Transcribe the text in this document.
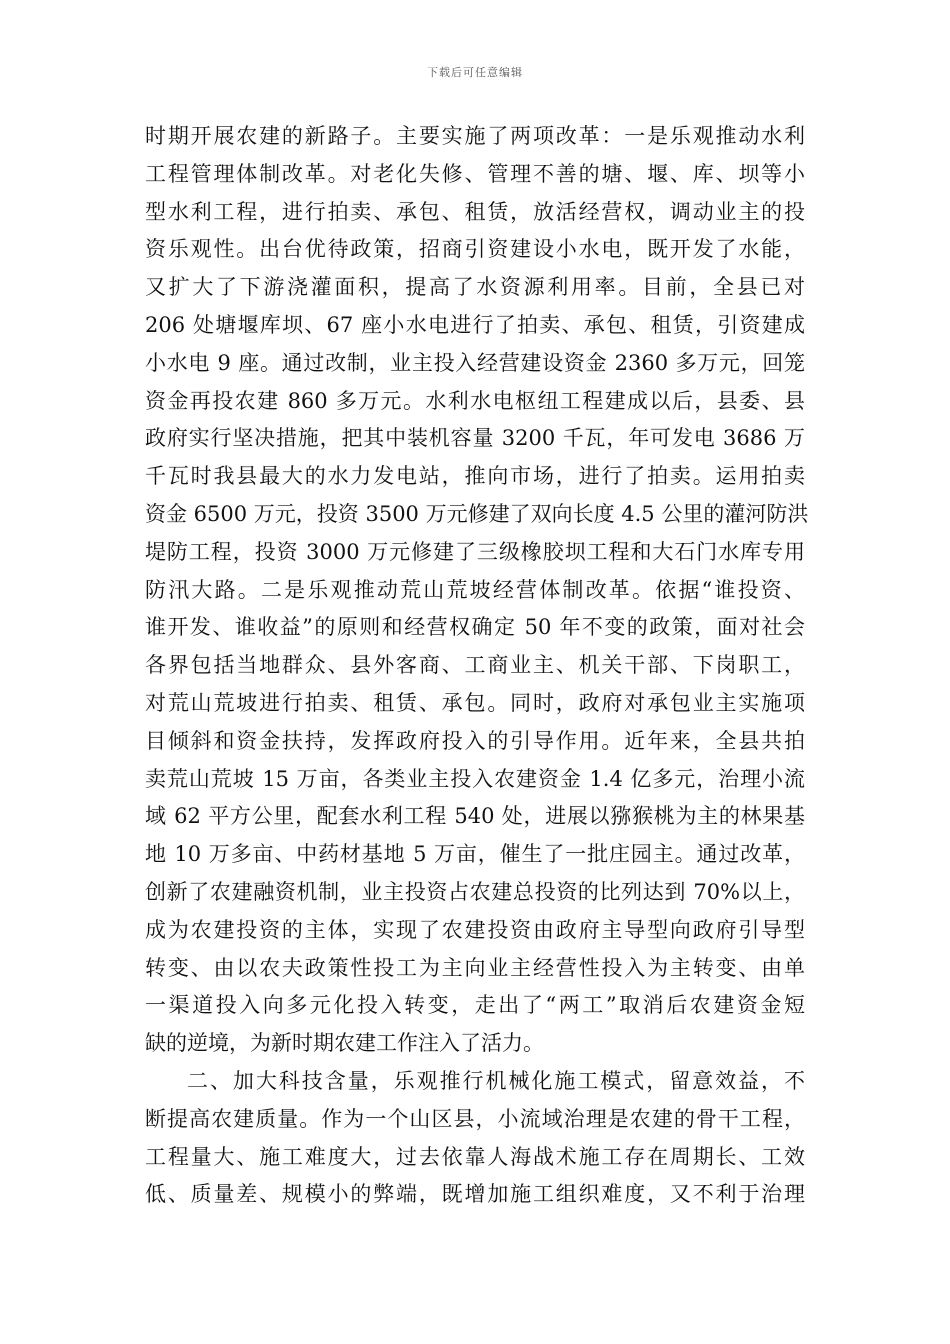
下载后可任意编辑
时期开展农建的新路子。主要实施了两项改革：一是乐观推动水利
工程管理体制改革。对老化失修、管理不善的塘、堰、库、坝等小
型水利工程，进行拍卖、承包、租赁，放活经营权，调动业主的投
资乐观性。出台优待政策，招商引资建设小水电，既开发了水能，
又扩大了下游浇灌面积，提高了水资源利用率。目前，全县已对
206 处塘堰库坝、67 座小水电进行了拍卖、承包、租赁，引资建成
小水电 9 座。通过改制，业主投入经营建设资金 2360 多万元，回笼
资金再投农建 860 多万元。水利水电枢纽工程建成以后，县委、县
政府实行坚决措施，把其中装机容量 3200 千瓦，年可发电 3686 万
千瓦时我县最大的水力发电站，推向市场，进行了拍卖。运用拍卖
资金 6500 万元，投资 3500 万元修建了双向长度 4.5 公里的灌河防洪
堤防工程，投资 3000 万元修建了三级橡胶坝工程和大石门水库专用
防汛大路。二是乐观推动荒山荒坡经营体制改革。依据“谁投资、
谁开发、谁收益”的原则和经营权确定 50 年不变的政策，面对社会
各界包括当地群众、县外客商、工商业主、机关干部、下岗职工，
对荒山荒坡进行拍卖、租赁、承包。同时，政府对承包业主实施项
目倾斜和资金扶持，发挥政府投入的引导作用。近年来，全县共拍
卖荒山荒坡 15 万亩，各类业主投入农建资金 1.4 亿多元，治理小流
域 62 平方公里，配套水利工程 540 处，进展以猕猴桃为主的林果基
地 10 万多亩、中药材基地 5 万亩，催生了一批庄园主。通过改革，
创新了农建融资机制，业主投资占农建总投资的比列达到 70%以上，
成为农建投资的主体，实现了农建投资由政府主导型向政府引导型
转变、由以农夫政策性投工为主向业主经营性投入为主转变、由单
一渠道投入向多元化投入转变，走出了“两工”取消后农建资金短
缺的逆境，为新时期农建工作注入了活力。
二、加大科技含量，乐观推行机械化施工模式，留意效益，不
断提高农建质量。作为一个山区县，小流域治理是农建的骨干工程，
工程量大、施工难度大，过去依靠人海战术施工存在周期长、工效
低、质量差、规模小的弊端，既增加施工组织难度，又不利于治理
